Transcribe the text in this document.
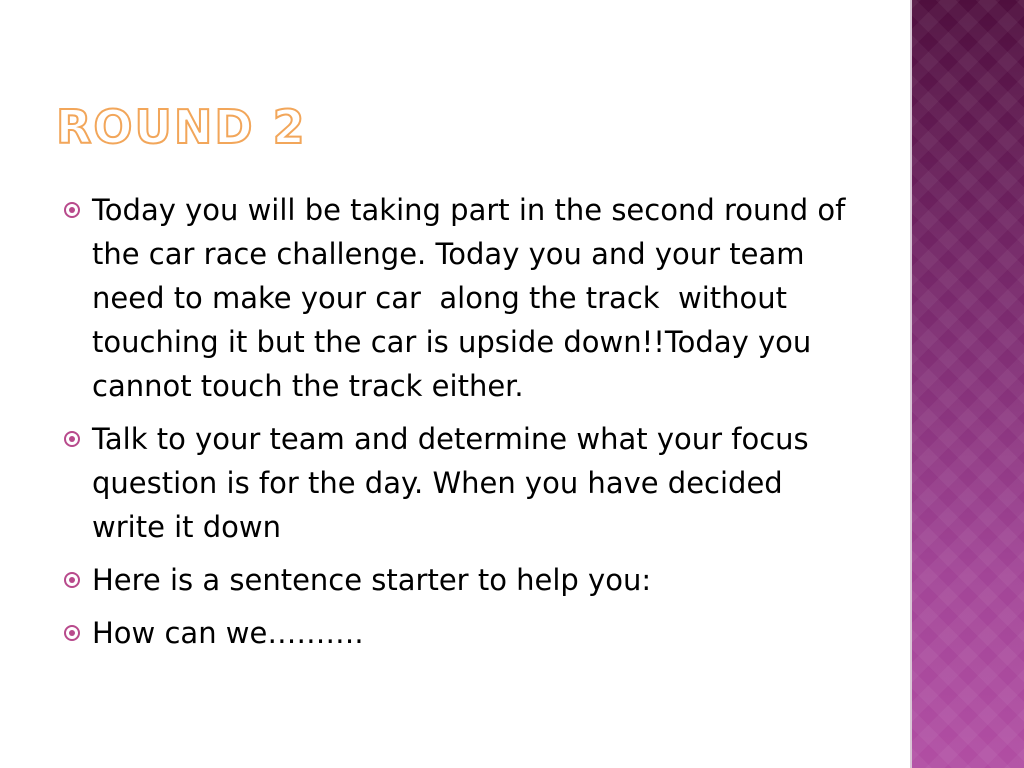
ROUND 2
Today you will be taking part in the second round of the car race challenge. Today you and your team need to make your car  along the track  without touching it but the car is upside down!!Today you cannot touch the track either.
Talk to your team and determine what your focus question is for the day. When you have decided write it down
Here is a sentence starter to help you:
How can we……….
